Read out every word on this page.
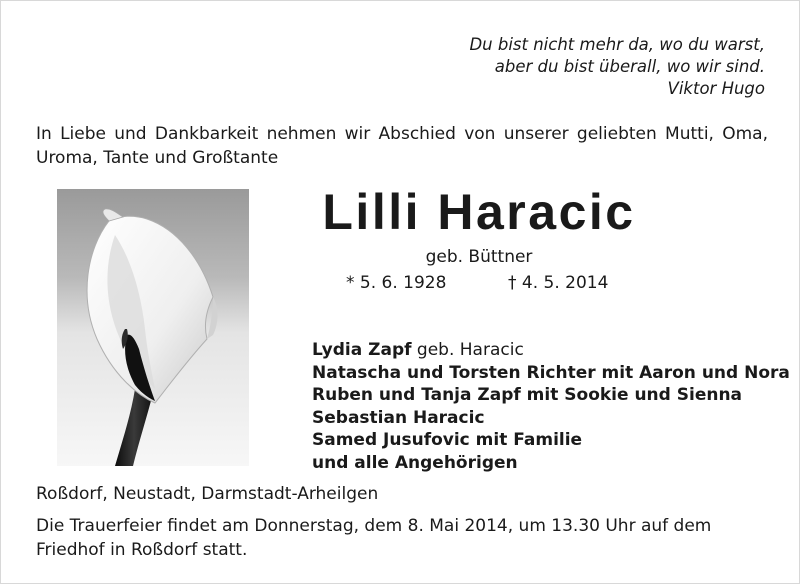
Du bist nicht mehr da, wo du warst,
aber du bist überall, wo wir sind.
Viktor Hugo
In Liebe und Dankbarkeit nehmen wir Abschied von unserer geliebten Mutti, Oma, Uroma, Tante und Großtante
Lilli Haracic
geb. Büttner
* 5. 6. 1928	† 4. 5. 2014
Lydia Zapf geb. Haracic
Natascha und Torsten Richter mit Aaron und Nora
Ruben und Tanja Zapf mit Sookie und Sienna
Sebastian Haracic
Samed Jusufovic mit Familie
und alle Angehörigen
Roßdorf, Neustadt, Darmstadt-Arheilgen
Die Trauerfeier findet am Donnerstag, dem 8. Mai 2014, um 13.30 Uhr auf dem Friedhof in Roßdorf statt.
